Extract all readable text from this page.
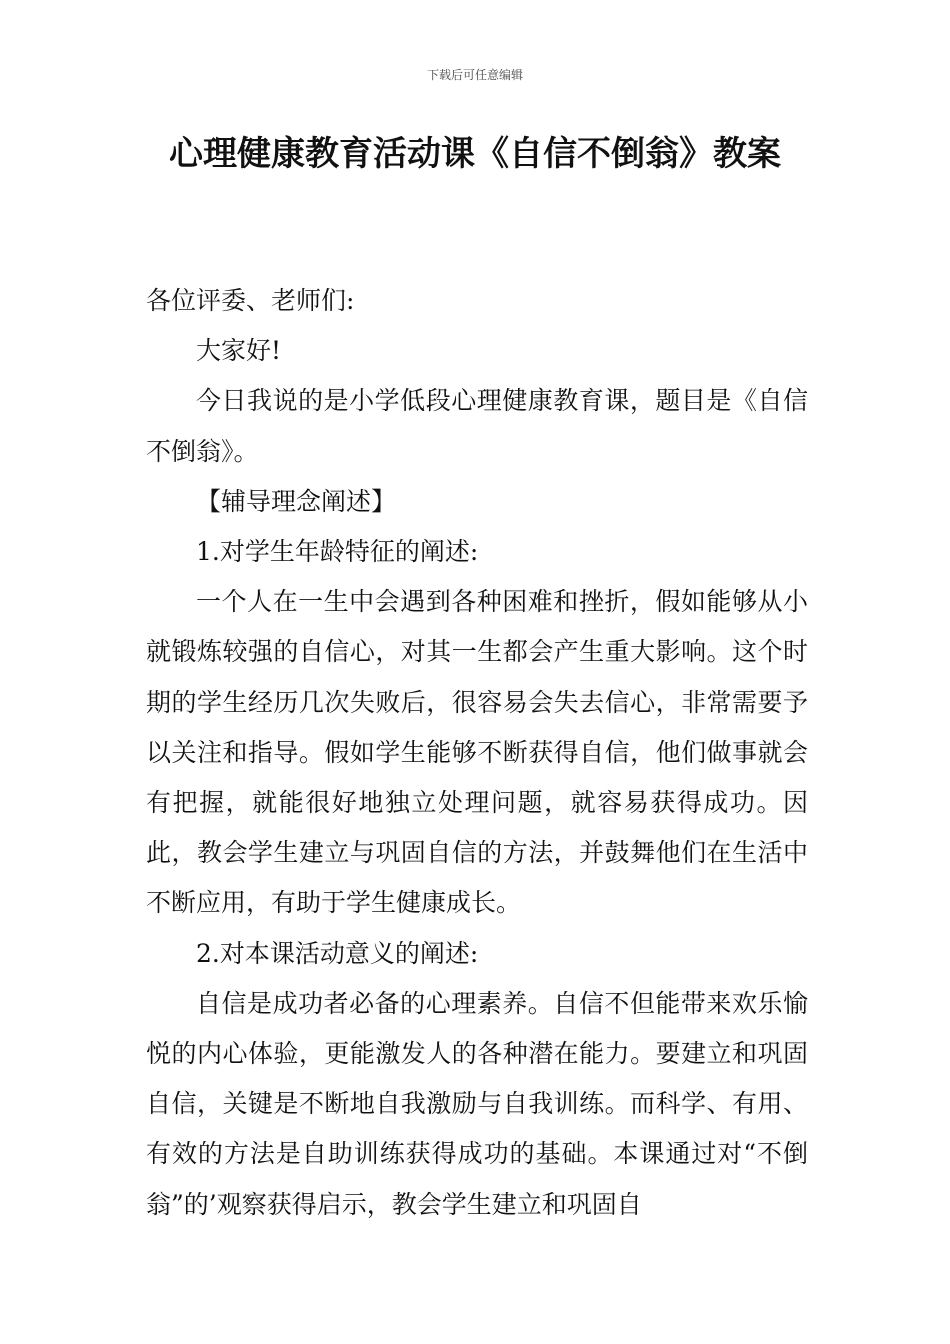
下载后可任意编辑
心理健康教育活动课《自信不倒翁》教案

各位评委、老师们:

大家好!

今日我说的是小学低段心理健康教育课，题目是《自信不倒翁》。

【辅导理念阐述】

1.对学生年龄特征的阐述:

一个人在一生中会遇到各种困难和挫折，假如能够从小就锻炼较强的自信心，对其一生都会产生重大影响。这个时期的学生经历几次失败后，很容易会失去信心，非常需要予以关注和指导。假如学生能够不断获得自信，他们做事就会有把握，就能很好地独立处理问题，就容易获得成功。因此，教会学生建立与巩固自信的方法，并鼓舞他们在生活中不断应用，有助于学生健康成长。

2.对本课活动意义的阐述:

自信是成功者必备的心理素养。自信不但能带来欢乐愉悦的内心体验，更能激发人的各种潜在能力。要建立和巩固自信，关键是不断地自我激励与自我训练。而科学、有用、有效的方法是自助训练获得成功的基础。本课通过对“不倒翁”的’观察获得启示，教会学生建立和巩固自
